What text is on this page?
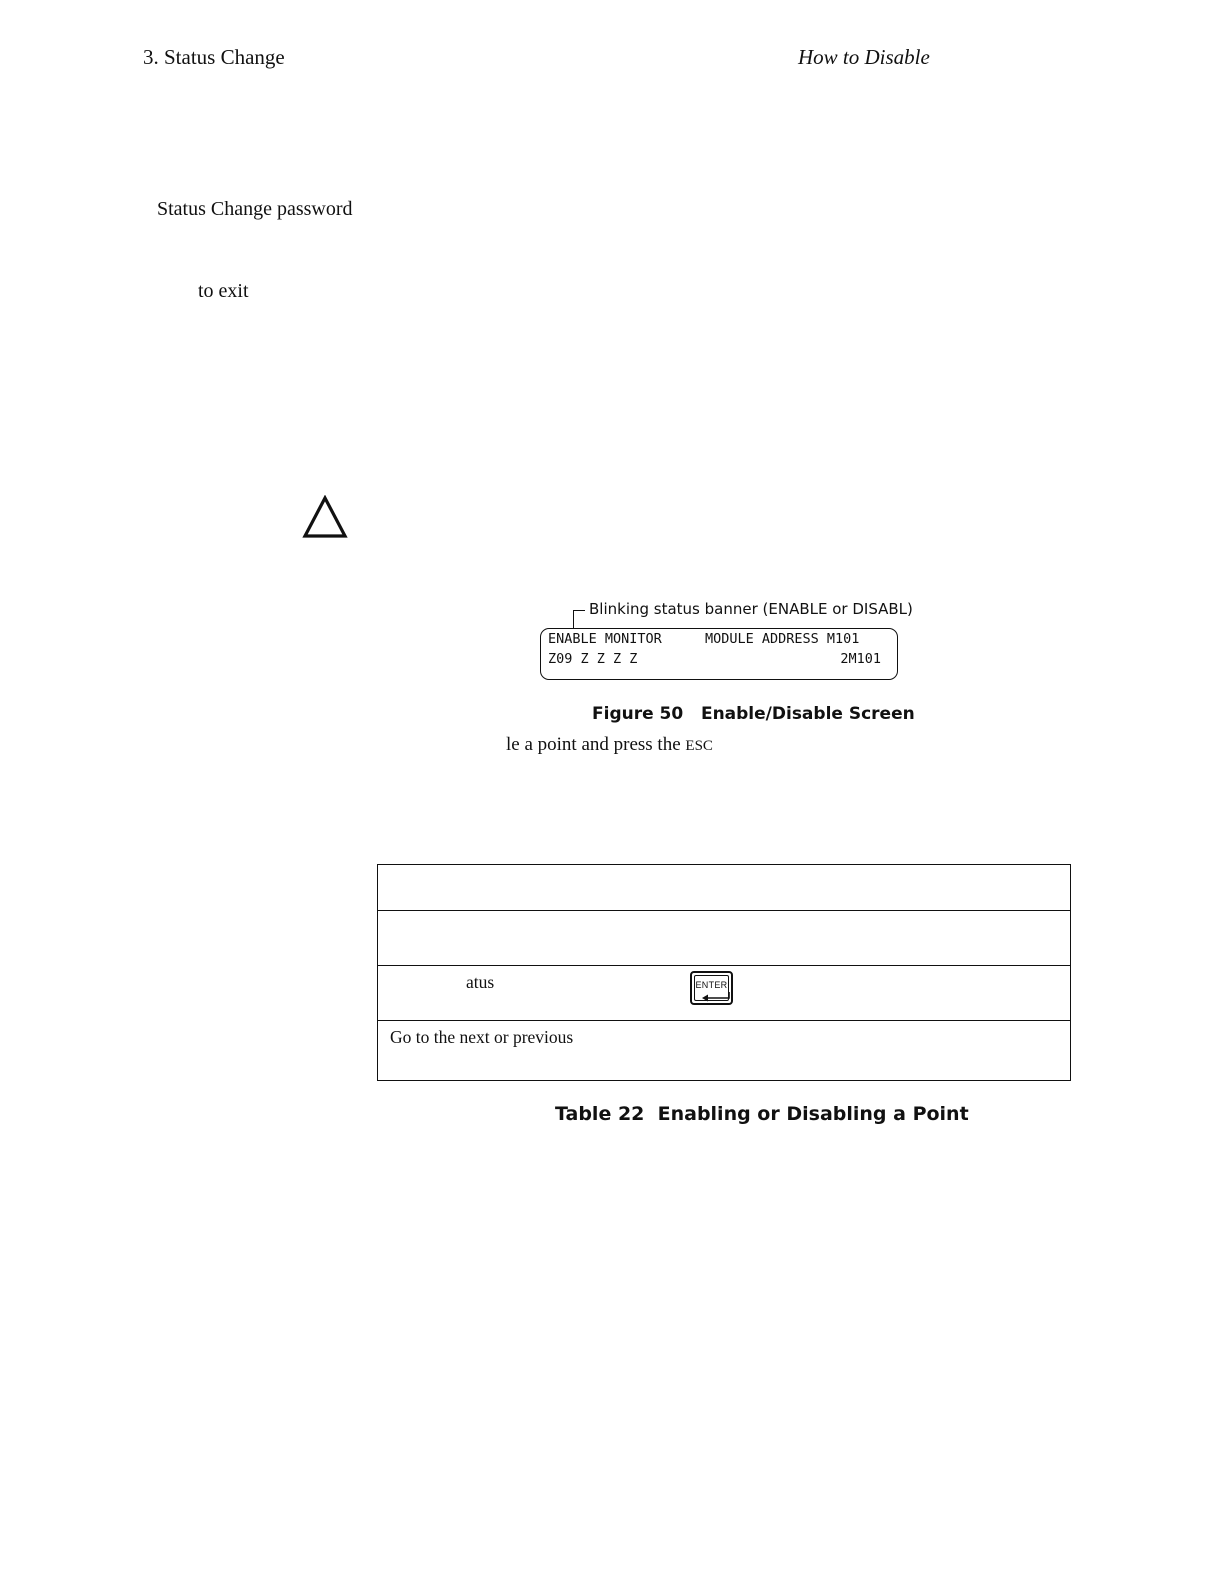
3. Status Change	How to Disable
Status Change password
to exit
Blinking status banner (ENABLE or DISABL)
ENABLE MONITOR	MODULE ADDRESS M101
Z09 Z Z Z Z	2M101
Figure 50   Enable/Disable Screen
le a point and press the ESC
atus	ENTER
Go to the next or previous
Table 22  Enabling or Disabling a Point
